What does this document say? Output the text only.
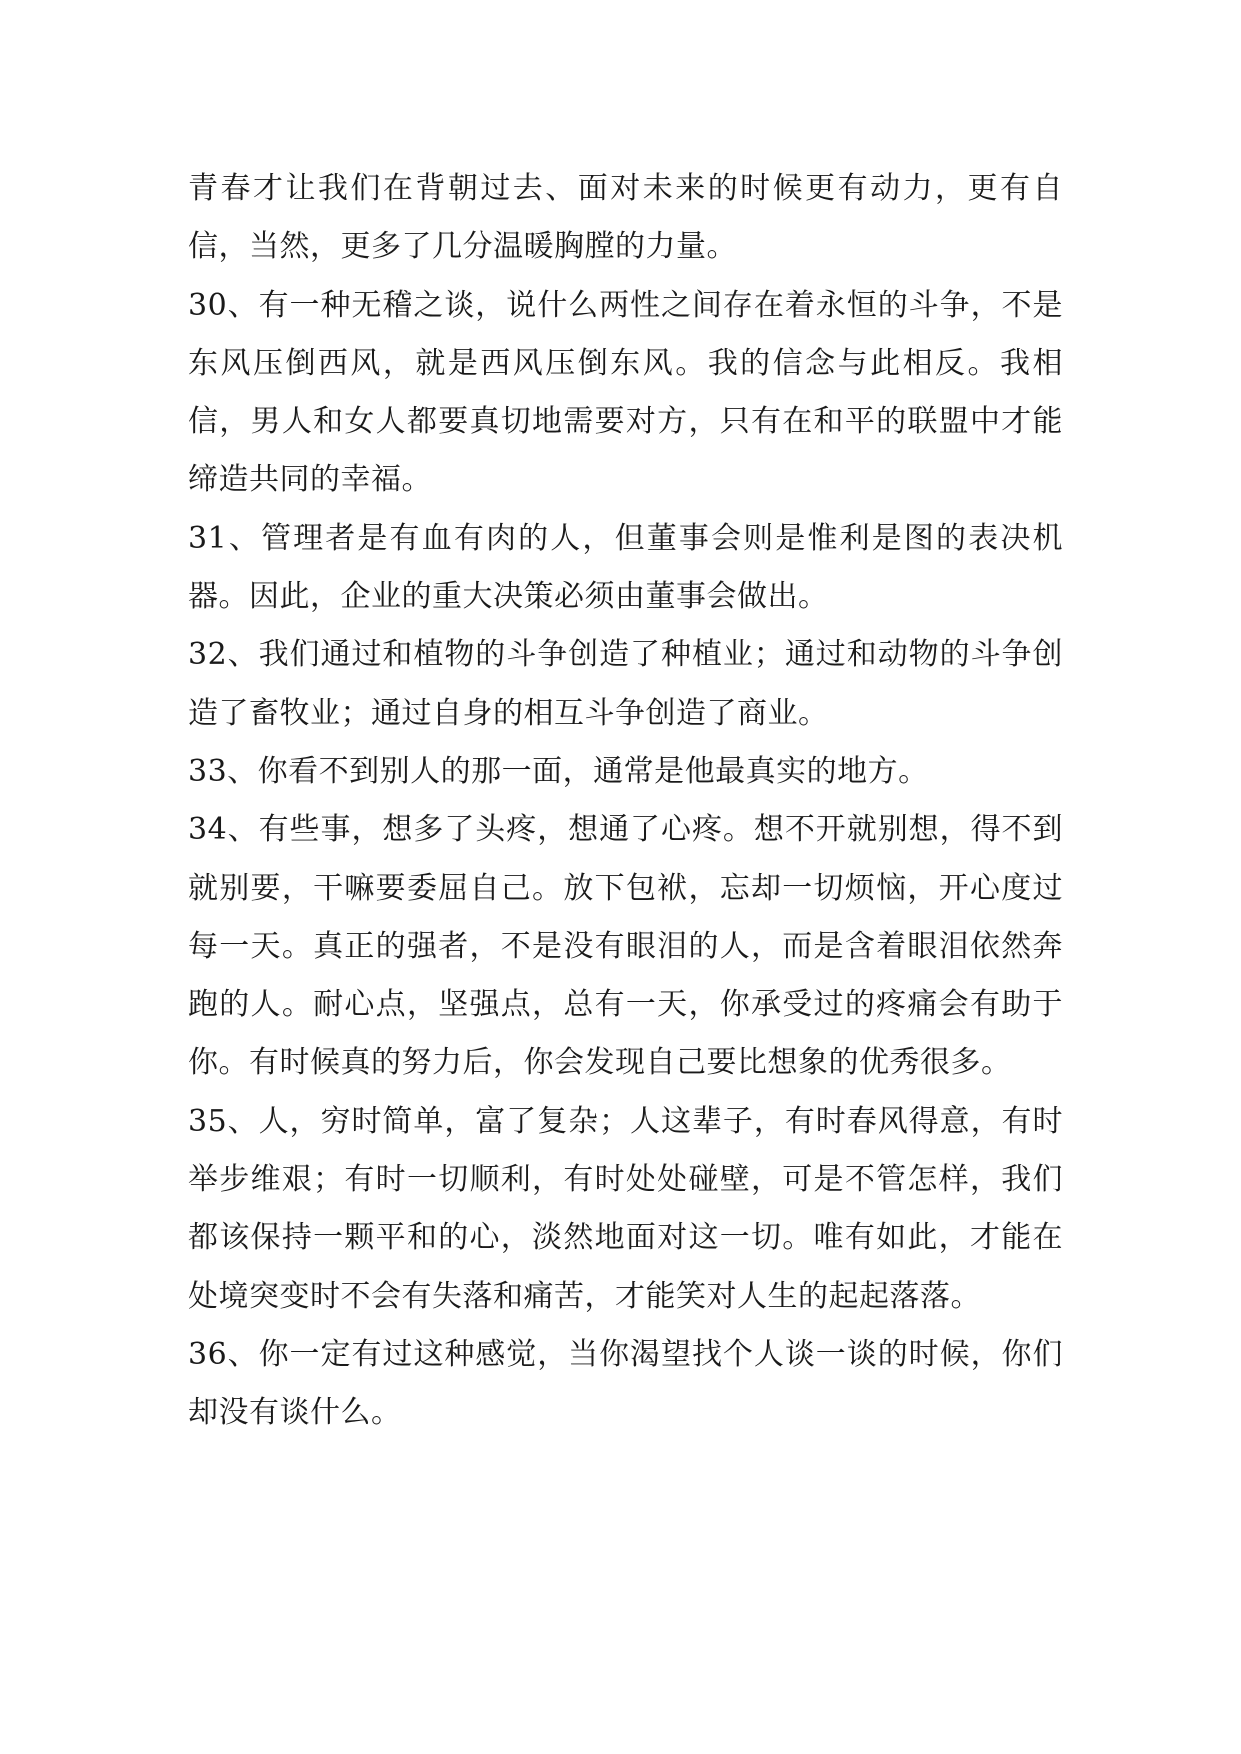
青春才让我们在背朝过去、面对未来的时候更有动力，更有自信，当然，更多了几分温暖胸膛的力量。

30、有一种无稽之谈，说什么两性之间存在着永恒的斗争，不是东风压倒西风，就是西风压倒东风。我的信念与此相反。我相信，男人和女人都要真切地需要对方，只有在和平的联盟中才能缔造共同的幸福。

31、管理者是有血有肉的人，但董事会则是惟利是图的表决机器。因此，企业的重大决策必须由董事会做出。

32、我们通过和植物的斗争创造了种植业；通过和动物的斗争创造了畜牧业；通过自身的相互斗争创造了商业。

33、你看不到别人的那一面，通常是他最真实的地方。

34、有些事，想多了头疼，想通了心疼。想不开就别想，得不到就别要，干嘛要委屈自己。放下包袱，忘却一切烦恼，开心度过每一天。真正的强者，不是没有眼泪的人，而是含着眼泪依然奔跑的人。耐心点，坚强点，总有一天，你承受过的疼痛会有助于你。有时候真的努力后，你会发现自己要比想象的优秀很多。

35、人，穷时简单，富了复杂；人这辈子，有时春风得意，有时举步维艰；有时一切顺利，有时处处碰壁，可是不管怎样，我们都该保持一颗平和的心，淡然地面对这一切。唯有如此，才能在处境突变时不会有失落和痛苦，才能笑对人生的起起落落。

36、你一定有过这种感觉，当你渴望找个人谈一谈的时候，你们却没有谈什么。
